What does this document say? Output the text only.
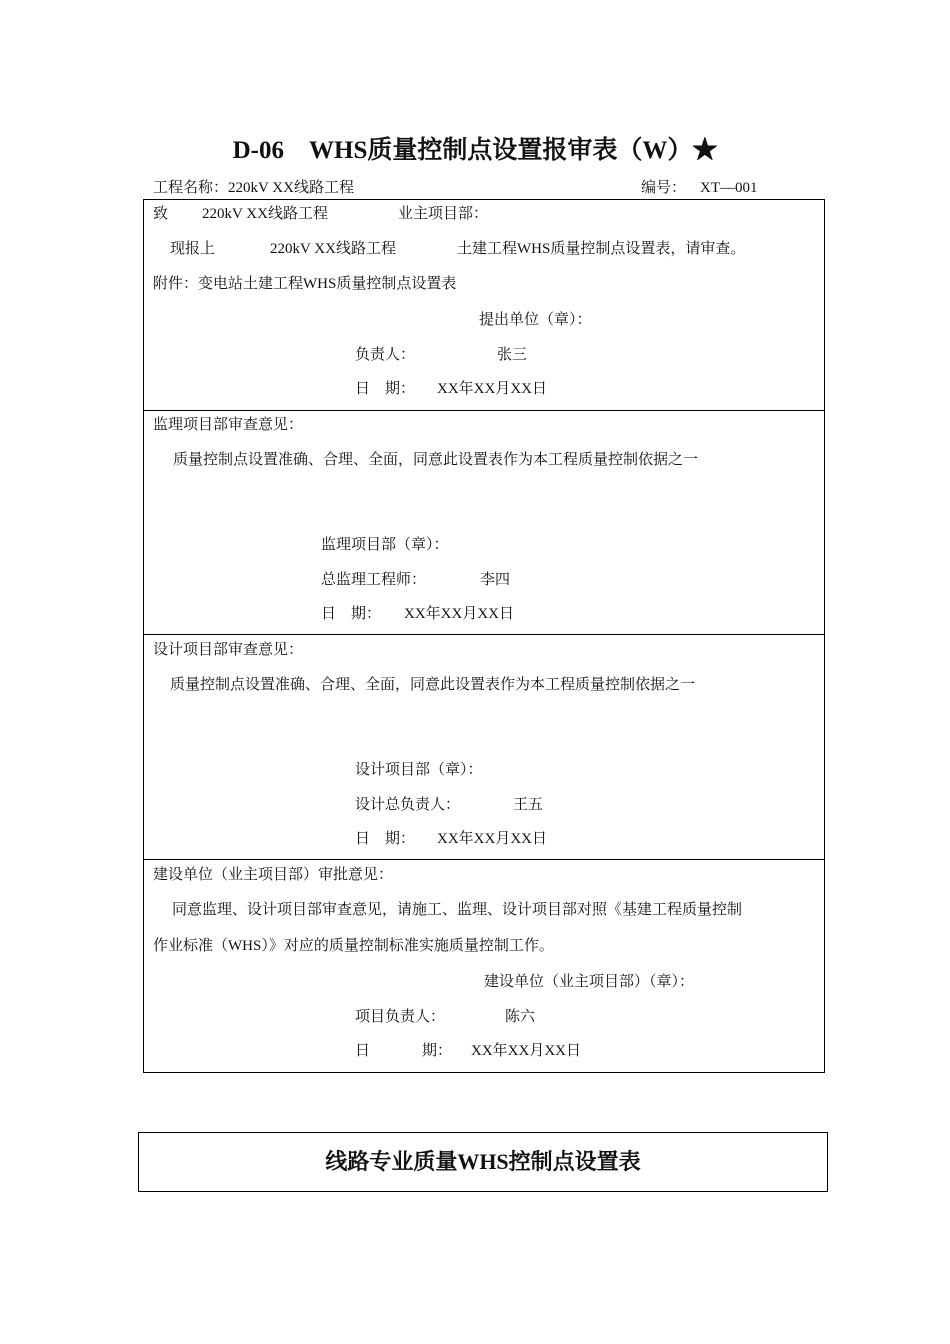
D-06　WHS质量控制点设置报审表（W）★
工程名称：220kV XX线路工程	编号： XT—001
致 220kV XX线路工程	业主项目部：
现报上	220kV XX线路工程	土建工程WHS质量控制点设置表，请审查。
附件：变电站土建工程WHS质量控制点设置表
提出单位（章）：
负责人：	张三
日　期： XX年XX月XX日
监理项目部审查意见：
质量控制点设置准确、合理、全面，同意此设置表作为本工程质量控制依据之一
监理项目部（章）：
总监理工程师：	李四
日　期： XX年XX月XX日
设计项目部审查意见：
质量控制点设置准确、合理、全面，同意此设置表作为本工程质量控制依据之一
设计项目部（章）：
设计总负责人：	王五
日　期： XX年XX月XX日
建设单位（业主项目部）审批意见：
同意监理、设计项目部审查意见，请施工、监理、设计项目部对照《基建工程质量控制
作业标准（WHS）》对应的质量控制标准实施质量控制工作。
建设单位（业主项目部）（章）：
项目负责人：	陈六
日	期： XX年XX月XX日
线路专业质量WHS控制点设置表
